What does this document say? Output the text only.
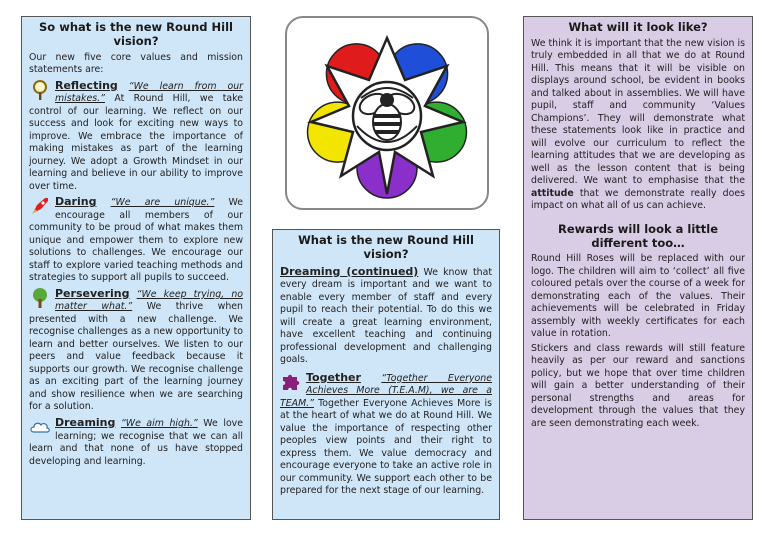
So what is the new Round Hill vision?

Our new five core values and mission statements are:

Reflecting “We learn from our mistakes.” At Round Hill, we take control of our learning. We reflect on our success and look for exciting new ways to improve. We embrace the importance of making mistakes as part of the learning journey. We adopt a Growth Mindset in our learning and believe in our ability to improve over time.

Daring “We are unique.” We encourage all members of our community to be proud of what makes them unique and empower them to explore new solutions to challenges. We encourage our staff to explore varied teaching methods and strategies to support all pupils to succeed.

Persevering “We keep trying, no matter what.” We thrive when presented with a new challenge. We recognise challenges as a new opportunity to learn and better ourselves. We listen to our peers and value feedback because it supports our growth. We recognise challenge as an exciting part of the learning journey and show resilience when we are searching for a solution.

Dreaming “We aim high.” We love learning; we recognise that we can all learn and that none of us have stopped developing and learning.

What is the new Round Hill vision?

Dreaming (continued) We know that every dream is important and we want to enable every member of staff and every pupil to reach their potential. To do this we will create a great learning environment, have excellent teaching and continuing professional development and challenging goals.

Together “Together Everyone Achieves More (T.E.A.M), we are a TEAM.” Together Everyone Achieves More is at the heart of what we do at Round Hill. We value the importance of respecting other peoples view points and their right to express them. We value democracy and encourage everyone to take an active role in our community. We support each other to be prepared for the next stage of our learning.

What will it look like?

We think it is important that the new vision is truly embedded in all that we do at Round Hill. This means that it will be visible on displays around school, be evident in books and talked about in assemblies. We will have pupil, staff and community ‘Values Champions’. They will demonstrate what these statements look like in practice and will evolve our curriculum to reflect the learning attitudes that we are developing as well as the lesson content that is being delivered. We want to emphasise that the attitude that we demonstrate really does impact on what all of us can achieve.

Rewards will look a little different too…

Round Hill Roses will be replaced with our logo. The children will aim to ‘collect’ all five coloured petals over the course of a week for demonstrating each of the values. Their achievements will be celebrated in Friday assembly with weekly certificates for each value in rotation.

Stickers and class rewards will still feature heavily as per our reward and sanctions policy, but we hope that over time children will gain a better understanding of their personal strengths and areas for development through the values that they are seen demonstrating each week.
